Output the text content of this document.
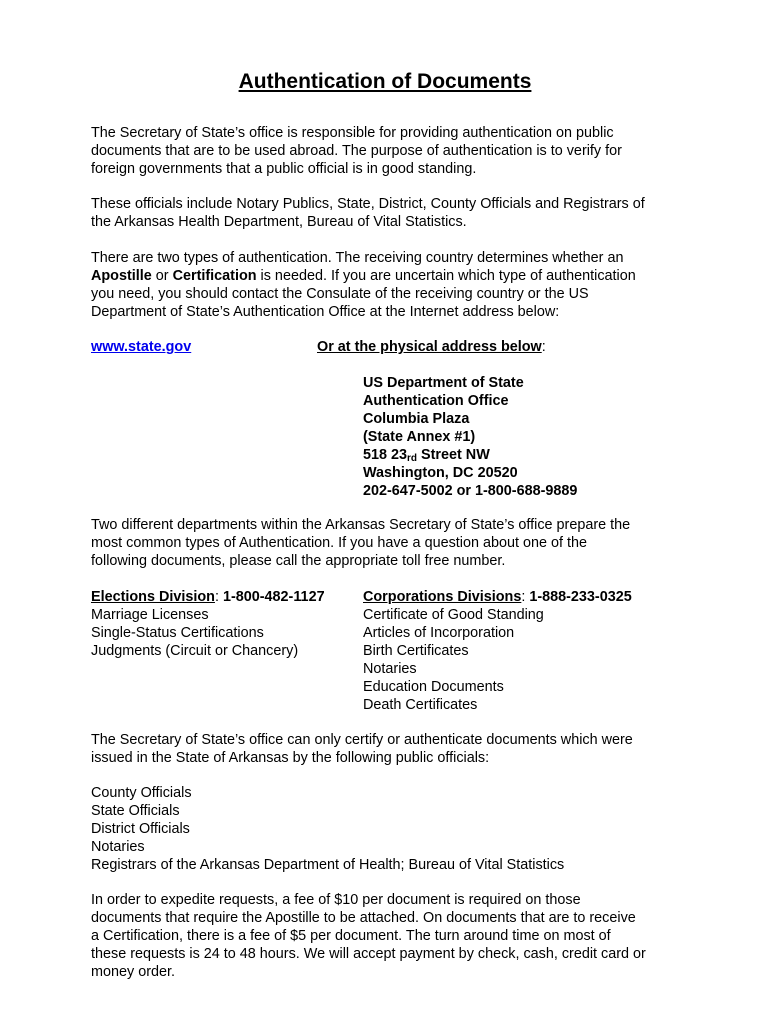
Authentication of Documents
The Secretary of State’s office is responsible for providing authentication on public
documents that are to be used abroad. The purpose of authentication is to verify for
foreign governments that a public official is in good standing.
These officials include Notary Publics, State, District, County Officials and Registrars of
the Arkansas Health Department, Bureau of Vital Statistics.
There are two types of authentication. The receiving country determines whether an
Apostille or Certification is needed. If you are uncertain which type of authentication
you need, you should contact the Consulate of the receiving country or the US
Department of State’s Authentication Office at the Internet address below:
www.state.gov	Or at the physical address below:
US Department of State
Authentication Office
Columbia Plaza
(State Annex #1)
518 $23_{rd}$ Street NW
Washington, DC 20520
202-647-5002 or 1-800-688-9889
Two different departments within the Arkansas Secretary of State’s office prepare the
most common types of Authentication. If you have a question about one of the
following documents, please call the appropriate toll free number.
Elections Division: 1-800-482-1127
Marriage Licenses
Single-Status Certifications
Judgments (Circuit or Chancery)
Corporations Divisions: 1-888-233-0325
Certificate of Good Standing
Articles of Incorporation
Birth Certificates
Notaries
Education Documents
Death Certificates
The Secretary of State’s office can only certify or authenticate documents which were
issued in the State of Arkansas by the following public officials:
County Officials
State Officials
District Officials
Notaries
Registrars of the Arkansas Department of Health; Bureau of Vital Statistics
In order to expedite requests, a fee of $10 per document is required on those
documents that require the Apostille to be attached. On documents that are to receive
a Certification, there is a fee of $5 per document. The turn around time on most of
these requests is 24 to 48 hours. We will accept payment by check, cash, credit card or
money order.
